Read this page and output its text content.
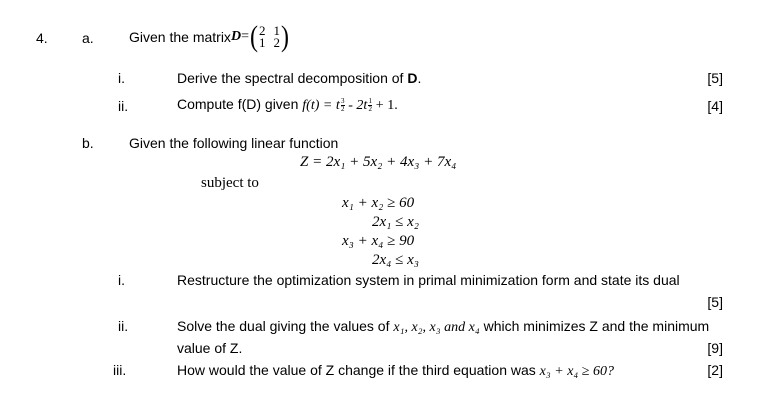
4. a.	Given the matrix D = ( 2 1
1 2 )
i.	Derive the spectral decomposition of D.	[5]
ii.	Compute f(D) given f(t) = t $\frac{3}{2} - 2t \frac{1}{2} + 1$.	[4]
b.	Given the following linear function
Z = 2x₁ + 5x₂ + 4x₃ + 7x₄
subject to
x₁ + x₂ ≥ 60
2x₁ ≤ x₂
x₃ + x₄ ≥ 90
2x₄ ≤ x₃
i.	Restructure the optimization system in primal minimization form and state its dual
[5]
ii.	Solve the dual giving the values of x₁, x₂, x₃ and x₄ which minimizes Z and the minimum
value of Z.	[9]
iii.	How would the value of Z change if the third equation was x₃ + x₄ ≥ 60?	[2]
